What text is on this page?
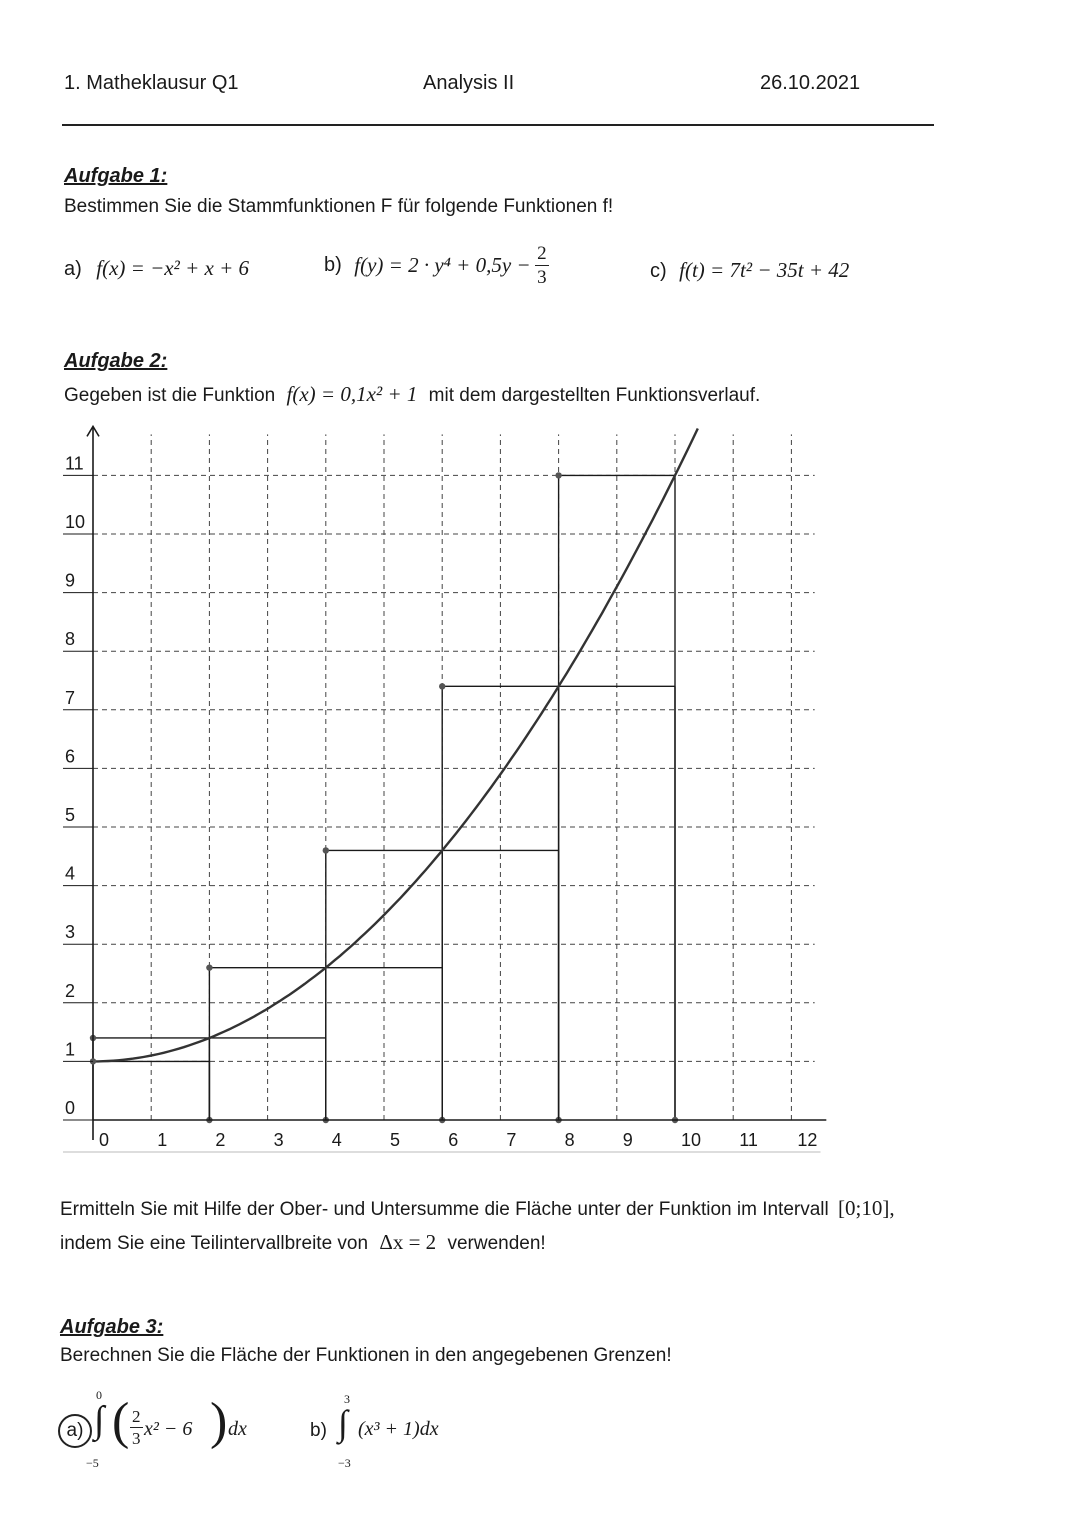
1. Matheklausur Q1	Analysis II	26.10.2021
Aufgabe 1:
Bestimmen Sie die Stammfunktionen F für folgende Funktionen f!
a) f(x) = −x² + x + 6	b) $f(y) = 2 \cdot y^4 + 0,5y - \frac{2}{3}$	c) f(t) = 7t² − 35t + 42
Aufgabe 2:
Gegeben ist die Funktion f(x) = 0,1x² + 1 mit dem dargestellten Funktionsverlauf.
0	1	2	3	4	5	6	7	8	9	10 11 12
0
1
2
3
4
5
6
7
8
9
10
11
Ermitteln Sie mit Hilfe der Ober- und Untersumme die Fläche unter der Funktion im Intervall [0;10],
indem Sie eine Teilintervallbreite von Δx = 2 verwenden!
Aufgabe 3:
Berechnen Sie die Fläche der Funktionen in den angegebenen Grenzen!
a) ∫
0
−5
( $\frac{2}{3} x^2 - 6$ ) dx	b) ∫
3
−3
(x³ + 1)dx
